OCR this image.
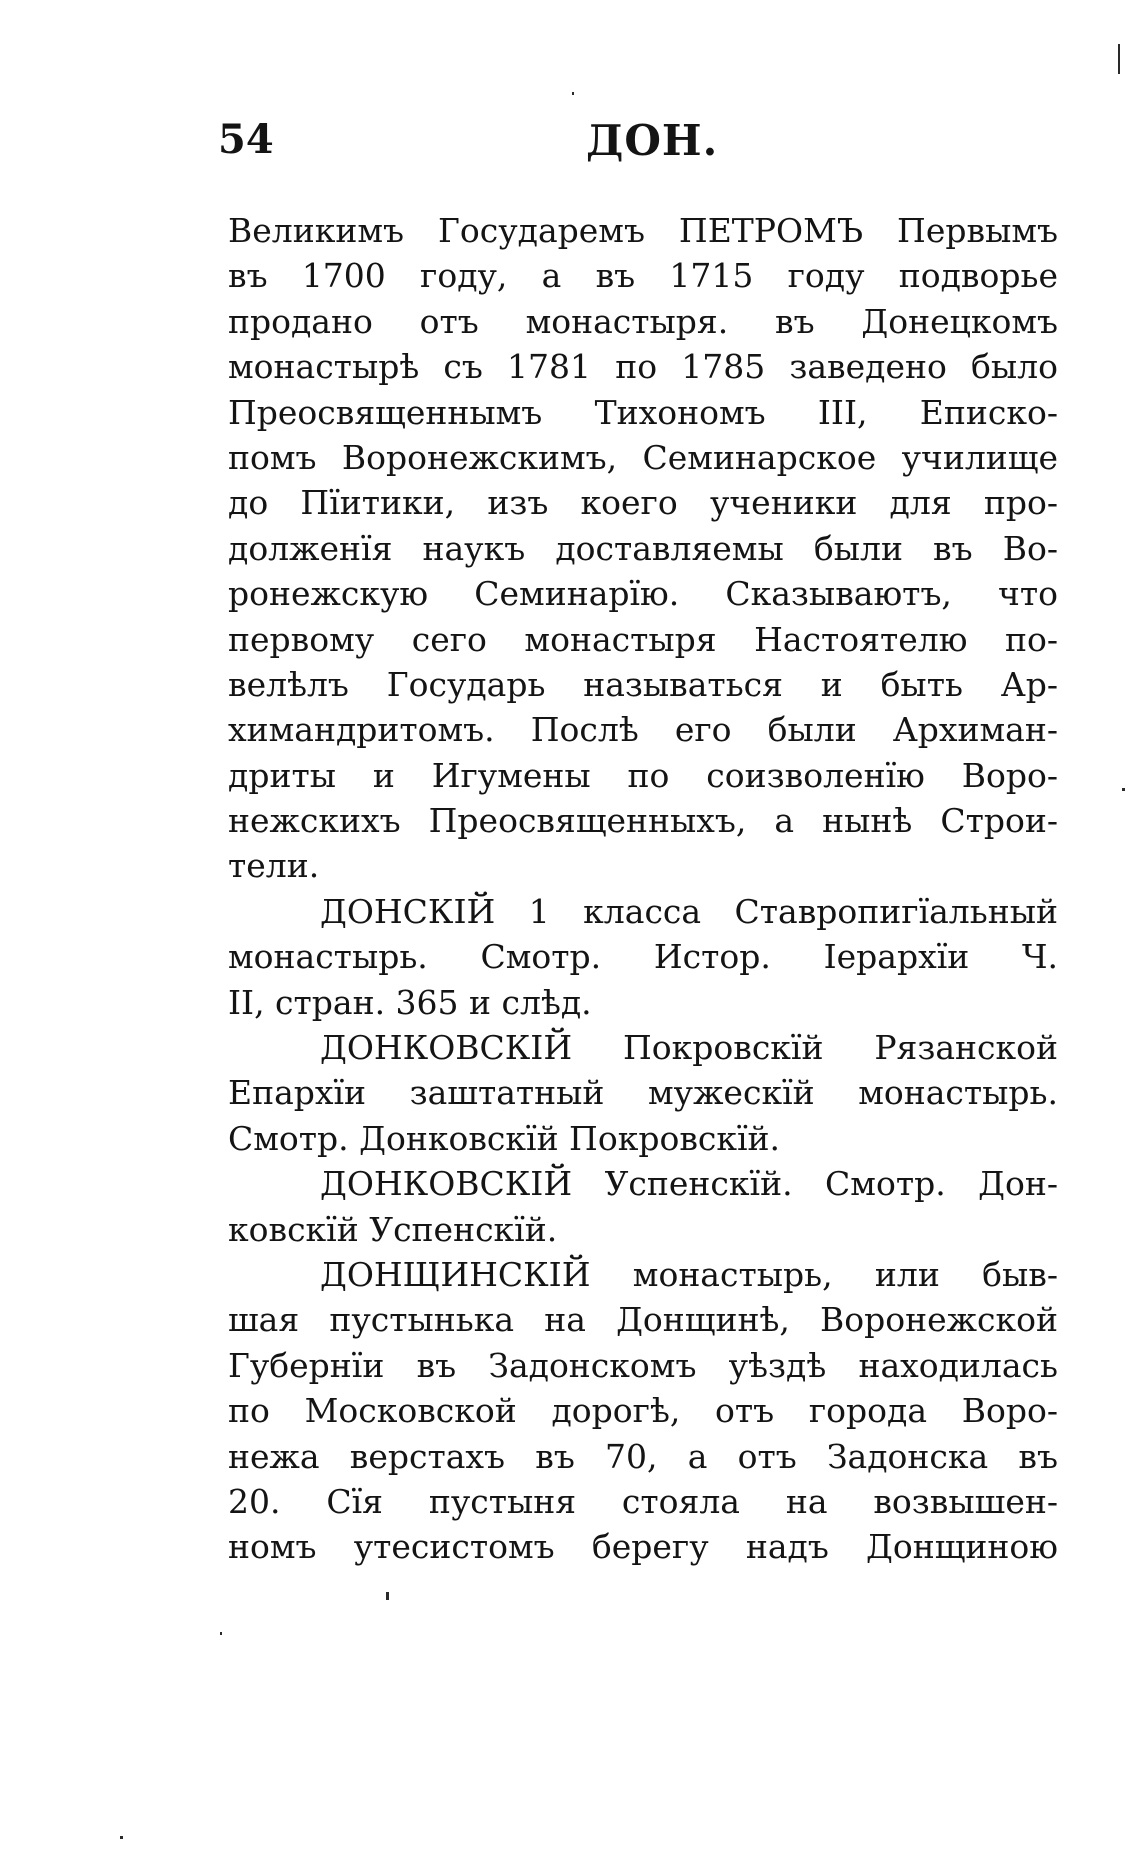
54	ДОН.
Великимъ Государемъ ПЕТРОМЪ Первымъ
въ 1700 году, а въ 1715 году подворье
продано отъ монастыря. въ Донецкомъ
монастырѣ съ 1781 по 1785 заведено было
Преосвященнымъ Тихономъ III, Еписко-
помъ Воронежскимъ, Семинарское училище
до Пїитики, изъ коего ученики для про-
долженїя наукъ доставляемы были въ Во-
ронежскую Семинарїю. Сказываютъ, что
первому сего монастыря Настоятелю по-
велѣлъ Государь называться и быть Ар-
химандритомъ. Послѣ его были Архиман-
дриты и Игумены по соизволенїю Воро-
нежскихъ Преосвященныхъ, а нынѣ Строи-
тели.
ДОНСКIЙ 1 класса Ставропигїальный
монастырь. Смотр. Истор. Iерархїи Ч.
II, стран. 365 и слѣд.
ДОНКОВСКIЙ Покровскїй Рязанской
Епархїи заштатный мужескїй монастырь.
Смотр. Донковскїй Покровскїй.
ДОНКОВСКIЙ Успенскїй. Смотр. Дон-
ковскїй Успенскїй.
ДОНЩИНСКIЙ монастырь, или быв-
шая пустынька на Донщинѣ, Воронежской
Губернїи въ Задонскомъ уѣздѣ находилась
по Московской дорогѣ, отъ города Воро-
нежа верстахъ въ 70, а отъ Задонска въ
20. Сїя пустыня стояла на возвышен-
номъ утесистомъ берегу надъ Донщиною
